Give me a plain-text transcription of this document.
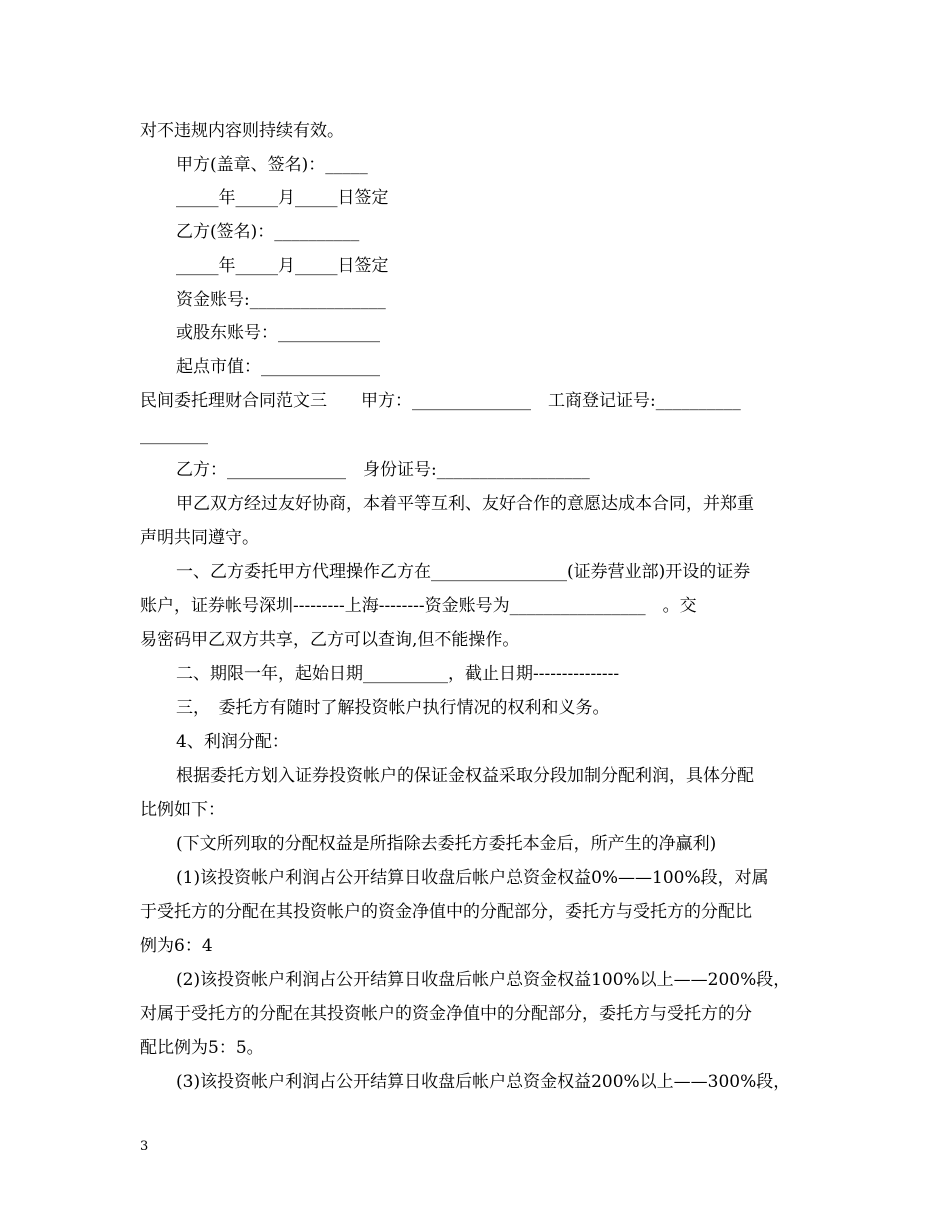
对不违规内容则持续有效。
甲方(盖章、签名)：_____
_____年_____月_____日签定
乙方(签名)：__________
_____年_____月_____日签定
资金账号:________________
或股东账号：____________
起点市值：______________
民间委托理财合同范文三　　甲方：______________　工商登记证号:__________
________
乙方：______________　身份证号:__________________
甲乙双方经过友好协商，本着平等互利、友好合作的意愿达成本合同，并郑重
声明共同遵守。
一、乙方委托甲方代理操作乙方在________________(证券营业部)开设的证券
账户，证券帐号深圳---------上海--------资金账号为________________　。交
易密码甲乙双方共享，乙方可以查询,但不能操作。
二、期限一年，起始日期__________，截止日期---------------
三，　委托方有随时了解投资帐户执行情况的权利和义务。
4、利润分配：
根据委托方划入证券投资帐户的保证金权益采取分段加制分配利润，具体分配
比例如下：
(下文所列取的分配权益是所指除去委托方委托本金后，所产生的净赢利)
(1)该投资帐户利润占公开结算日收盘后帐户总资金权益0%——100%段，对属
于受托方的分配在其投资帐户的资金净值中的分配部分，委托方与受托方的分配比
例为6：4
(2)该投资帐户利润占公开结算日收盘后帐户总资金权益100%以上——200%段，
对属于受托方的分配在其投资帐户的资金净值中的分配部分，委托方与受托方的分
配比例为5：5。
(3)该投资帐户利润占公开结算日收盘后帐户总资金权益200%以上——300%段，
3
